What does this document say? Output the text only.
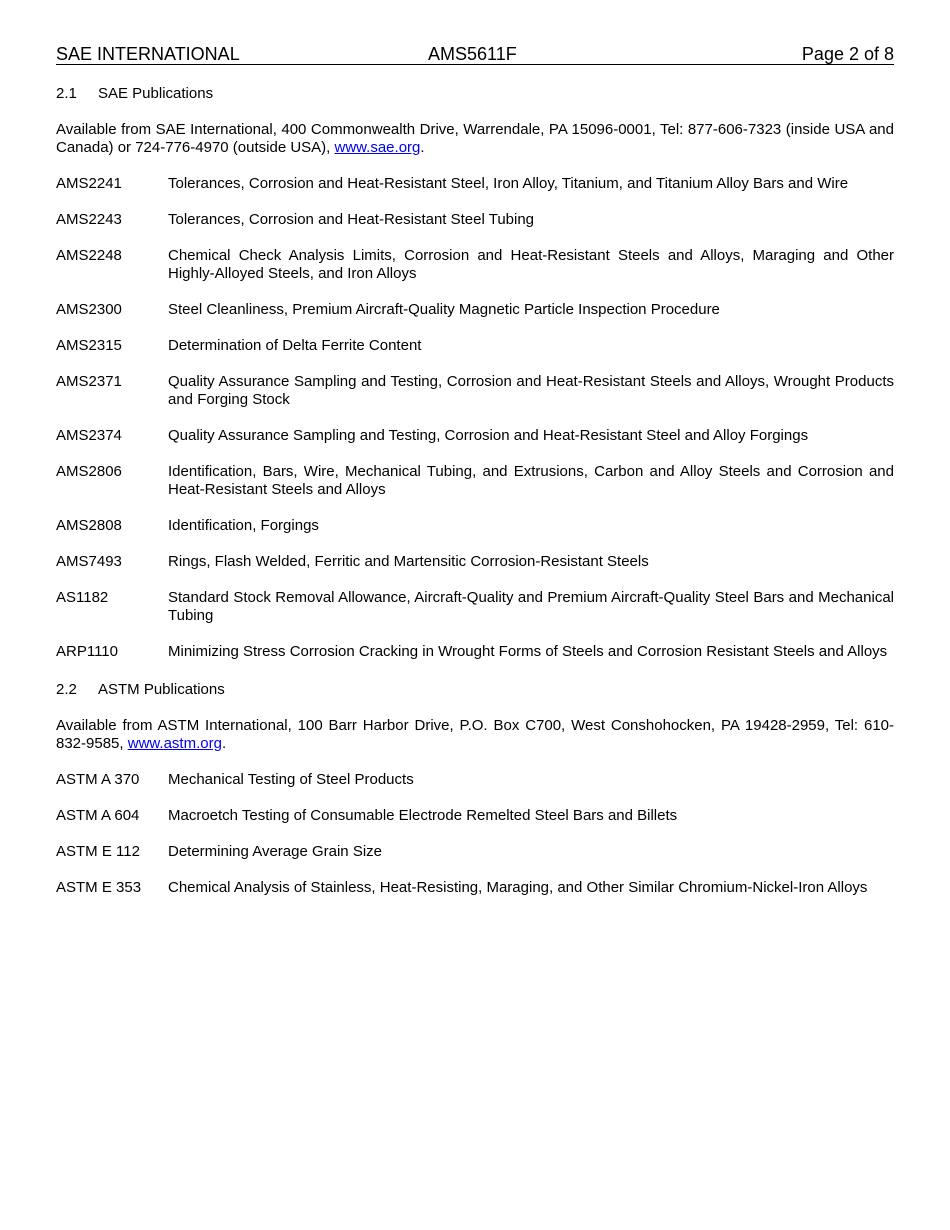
SAE INTERNATIONAL	AMS5611F	Page 2 of 8
2.1 SAE Publications
Available from SAE International, 400 Commonwealth Drive, Warrendale, PA 15096-0001, Tel: 877-606-7323 (inside USA and Canada) or 724-776-4970 (outside USA), www.sae.org.
AMS2241	Tolerances, Corrosion and Heat-Resistant Steel, Iron Alloy, Titanium, and Titanium Alloy Bars and Wire
AMS2243	Tolerances, Corrosion and Heat-Resistant Steel Tubing
AMS2248	Chemical Check Analysis Limits, Corrosion and Heat-Resistant Steels and Alloys, Maraging and Other Highly-Alloyed Steels, and Iron Alloys
AMS2300	Steel Cleanliness, Premium Aircraft-Quality Magnetic Particle Inspection Procedure
AMS2315	Determination of Delta Ferrite Content
AMS2371	Quality Assurance Sampling and Testing, Corrosion and Heat-Resistant Steels and Alloys, Wrought Products and Forging Stock
AMS2374	Quality Assurance Sampling and Testing, Corrosion and Heat-Resistant Steel and Alloy Forgings
AMS2806	Identification, Bars, Wire, Mechanical Tubing, and Extrusions, Carbon and Alloy Steels and Corrosion and Heat-Resistant Steels and Alloys
AMS2808	Identification, Forgings
AMS7493	Rings, Flash Welded, Ferritic and Martensitic Corrosion-Resistant Steels
AS1182	Standard Stock Removal Allowance, Aircraft-Quality and Premium Aircraft-Quality Steel Bars and Mechanical Tubing
ARP1110	Minimizing Stress Corrosion Cracking in Wrought Forms of Steels and Corrosion Resistant Steels and Alloys
2.2 ASTM Publications
Available from ASTM International, 100 Barr Harbor Drive, P.O. Box C700, West Conshohocken, PA 19428-2959, Tel: 610-832-9585, www.astm.org.
ASTM A 370	Mechanical Testing of Steel Products
ASTM A 604	Macroetch Testing of Consumable Electrode Remelted Steel Bars and Billets
ASTM E 112	Determining Average Grain Size
ASTM E 353	Chemical Analysis of Stainless, Heat-Resisting, Maraging, and Other Similar Chromium-Nickel-Iron Alloys
